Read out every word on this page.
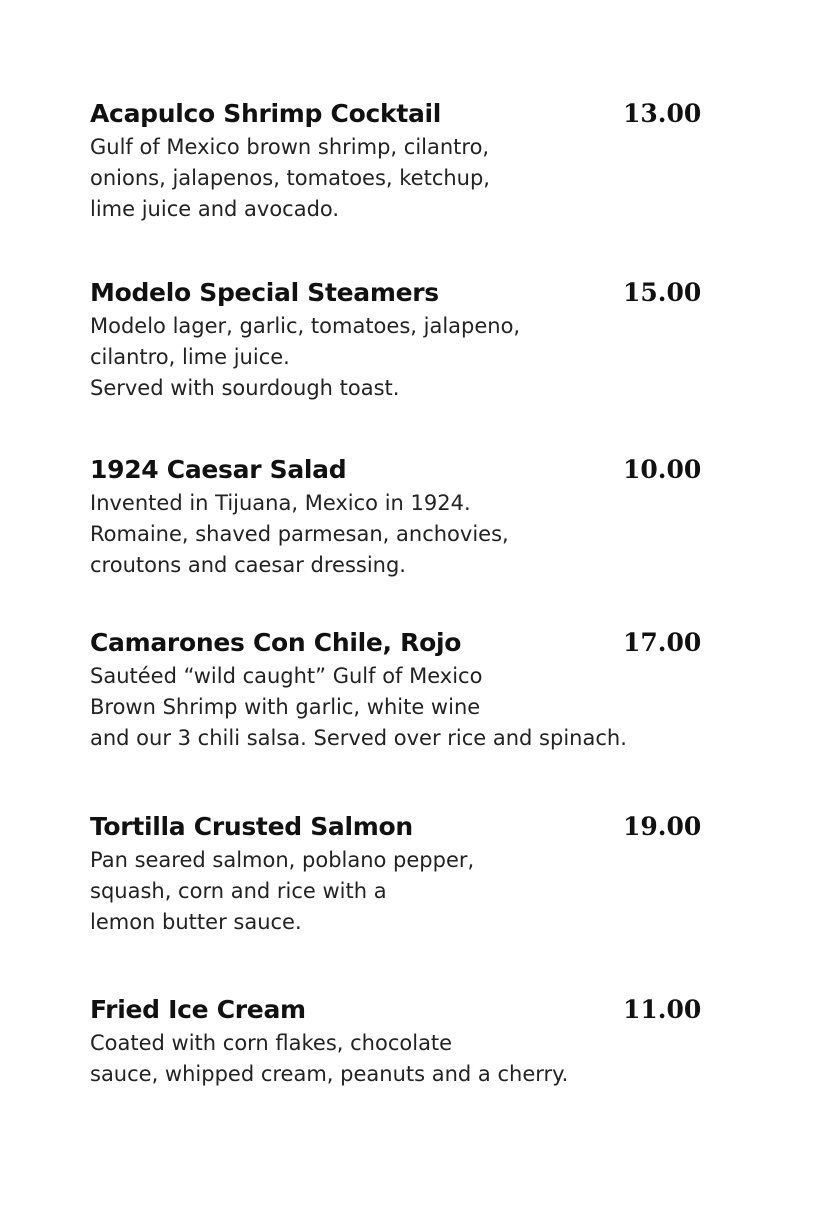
Acapulco Shrimp Cocktail	13.00
Gulf of Mexico brown shrimp, cilantro,
onions, jalapenos, tomatoes, ketchup,
lime juice and avocado.
Modelo Special Steamers	15.00
Modelo lager, garlic, tomatoes, jalapeno,
cilantro, lime juice.
Served with sourdough toast.
1924 Caesar Salad	10.00
Invented in Tijuana, Mexico in 1924.
Romaine, shaved parmesan, anchovies,
croutons and caesar dressing.
Camarones Con Chile, Rojo	17.00
Sautéed “wild caught” Gulf of Mexico
Brown Shrimp with garlic, white wine
and our 3 chili salsa. Served over rice and spinach.
Tortilla Crusted Salmon	19.00
Pan seared salmon, poblano pepper,
squash, corn and rice with a
lemon butter sauce.
Fried Ice Cream	11.00
Coated with corn flakes, chocolate
sauce, whipped cream, peanuts and a cherry.
